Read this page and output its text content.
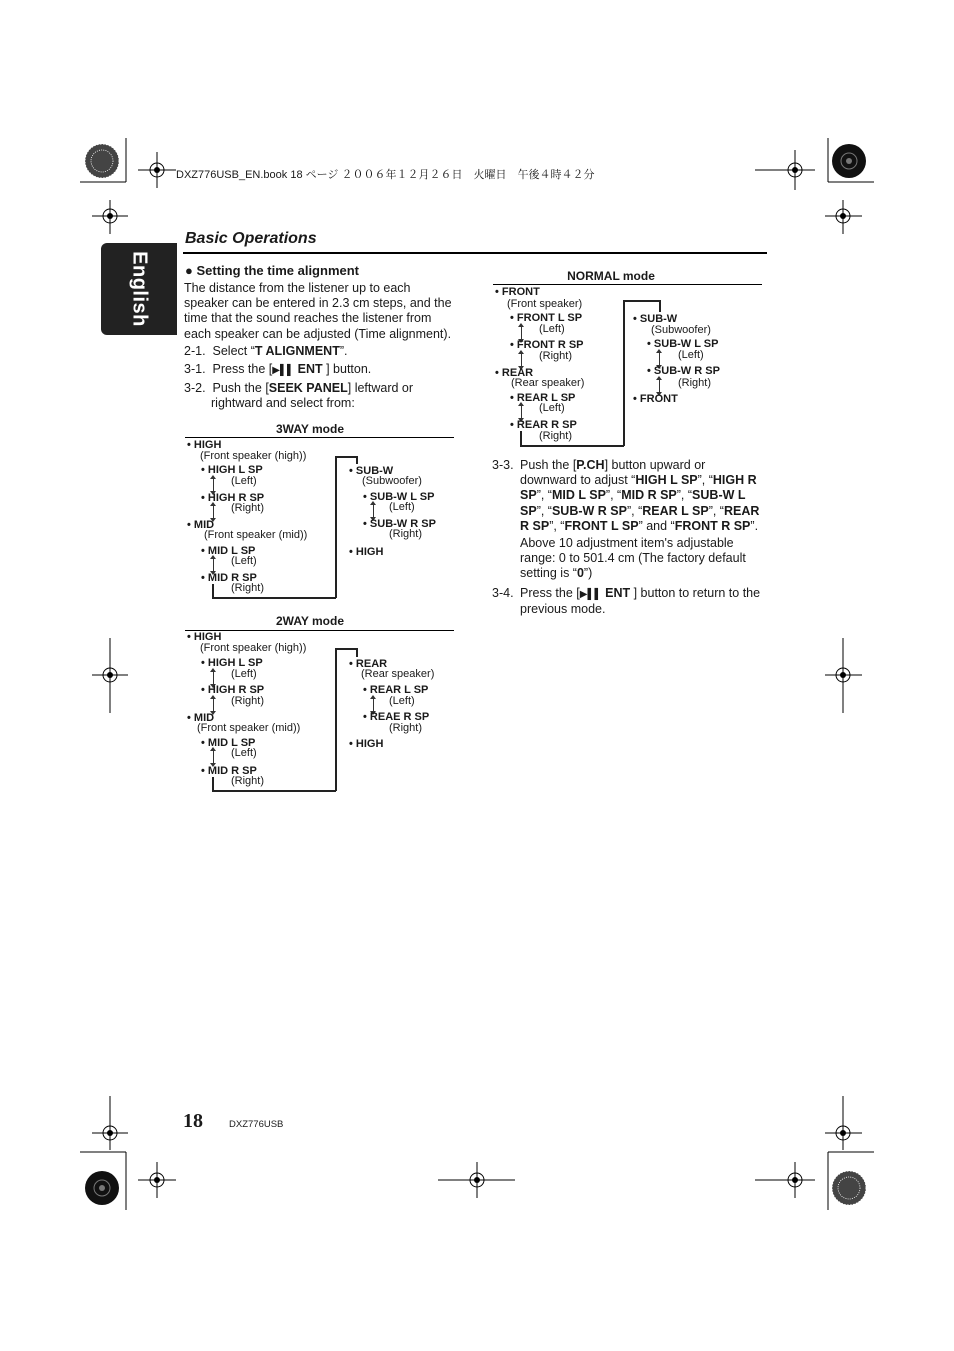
DXZ776USB_EN.book 18 ページ ２００６年１２月２６日　火曜日　午後４時４２分
English
Basic Operations
● Setting the time alignment
The distance from the listener up to each
speaker can be entered in 2.3 cm steps, and the
time that the sound reaches the listener from
each speaker can be adjusted (Time alignment).
2-1. Select “T ALIGNMENT”.
3-1. Press the [▶▌▌ ENT ] button.
3-2. Push the [SEEK PANEL] leftward or
rightward and select from:
3WAY mode
• HIGH
(Front speaker (high))
• HIGH L SP
(Left)
• HIGH R SP
(Right)
• MID
(Front speaker (mid))
• MID L SP
(Left)
• MID R SP
(Right)
• SUB-W
(Subwoofer)
• SUB-W L SP
(Left)
• SUB-W R SP
(Right)
• HIGH
2WAY mode
• HIGH
(Front speaker (high))
• HIGH L SP
(Left)
• HIGH R SP
(Right)
• MID
(Front speaker (mid))
• MID L SP
(Left)
• MID R SP
(Right)
• REAR
(Rear speaker)
• REAR L SP
(Left)
• REAE R SP
(Right)
• HIGH
NORMAL mode
• FRONT
(Front speaker)
• FRONT L SP
(Left)
• FRONT R SP
(Right)
• REAR
(Rear speaker)
• REAR L SP
(Left)
• REAR R SP
(Right)
• SUB-W
(Subwoofer)
• SUB-W L SP
(Left)
• SUB-W R SP
(Right)
• FRONT
3-3. Push the [P.CH] button upward or
downward to adjust “HIGH L SP”, “HIGH R
SP”, “MID L SP”, “MID R SP”, “SUB-W L
SP”, “SUB-W R SP”, “REAR L SP”, “REAR
R SP”, “FRONT L SP” and “FRONT R SP”.
Above 10 adjustment item's adjustable
range: 0 to 501.4 cm (The factory default
setting is “0”)
3-4. Press the [▶▌▌ ENT ] button to return to the
previous mode.
18	DXZ776USB
